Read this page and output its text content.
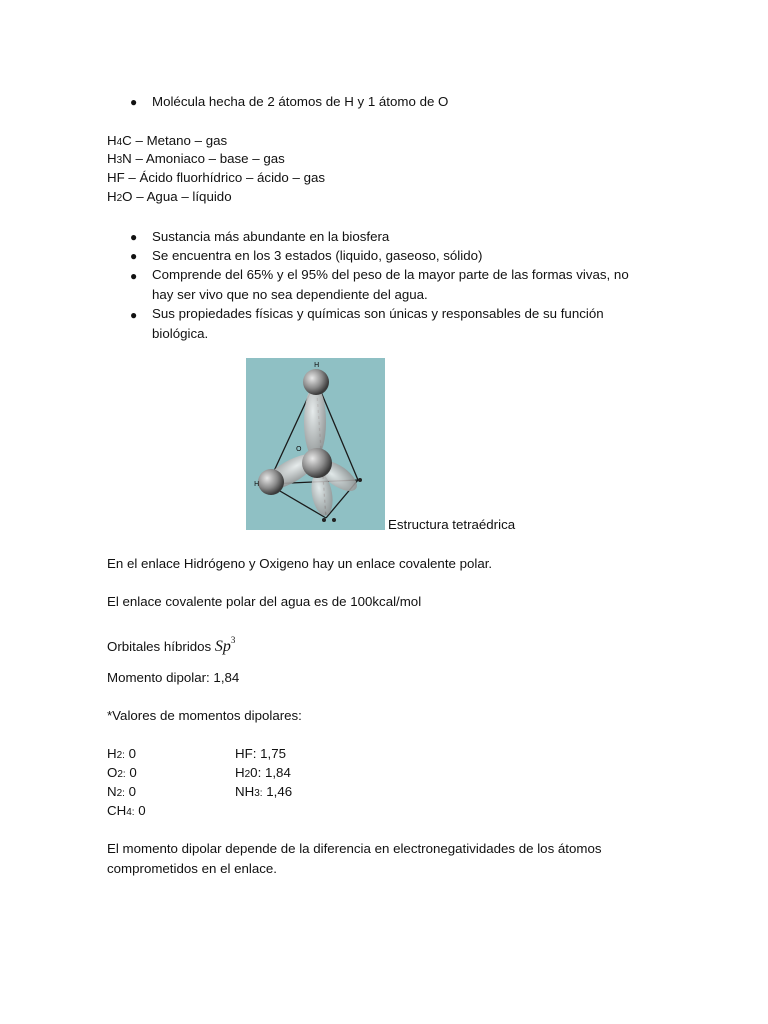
● Molécula hecha de 2 átomos de H y 1 átomo de O
H4C – Metano – gas
H3N – Amoniaco – base – gas
HF – Ácido fluorhídrico – ácido – gas
H2O – Agua – líquido
● Sustancia más abundante en la biosfera
● Se encuentra en los 3 estados (liquido, gaseoso, sólido)
● Comprende del 65% y el 95% del peso de la mayor parte de las formas vivas, no hay ser vivo que no sea dependiente del agua.
● Sus propiedades físicas y químicas son únicas y responsables de su función biológica.
H
H
O
Estructura tetraédrica
En el enlace Hidrógeno y Oxigeno hay un enlace covalente polar.
El enlace covalente polar del agua es de 100kcal/mol
Orbitales híbridos Sp$^3$
Momento dipolar: 1,84
*Valores de momentos dipolares:
H2: 0
O2: 0
N2: 0
CH4: 0
HF: 1,75
H20: 1,84
NH3: 1,46
El momento dipolar depende de la diferencia en electronegatividades de los átomos comprometidos en el enlace.
